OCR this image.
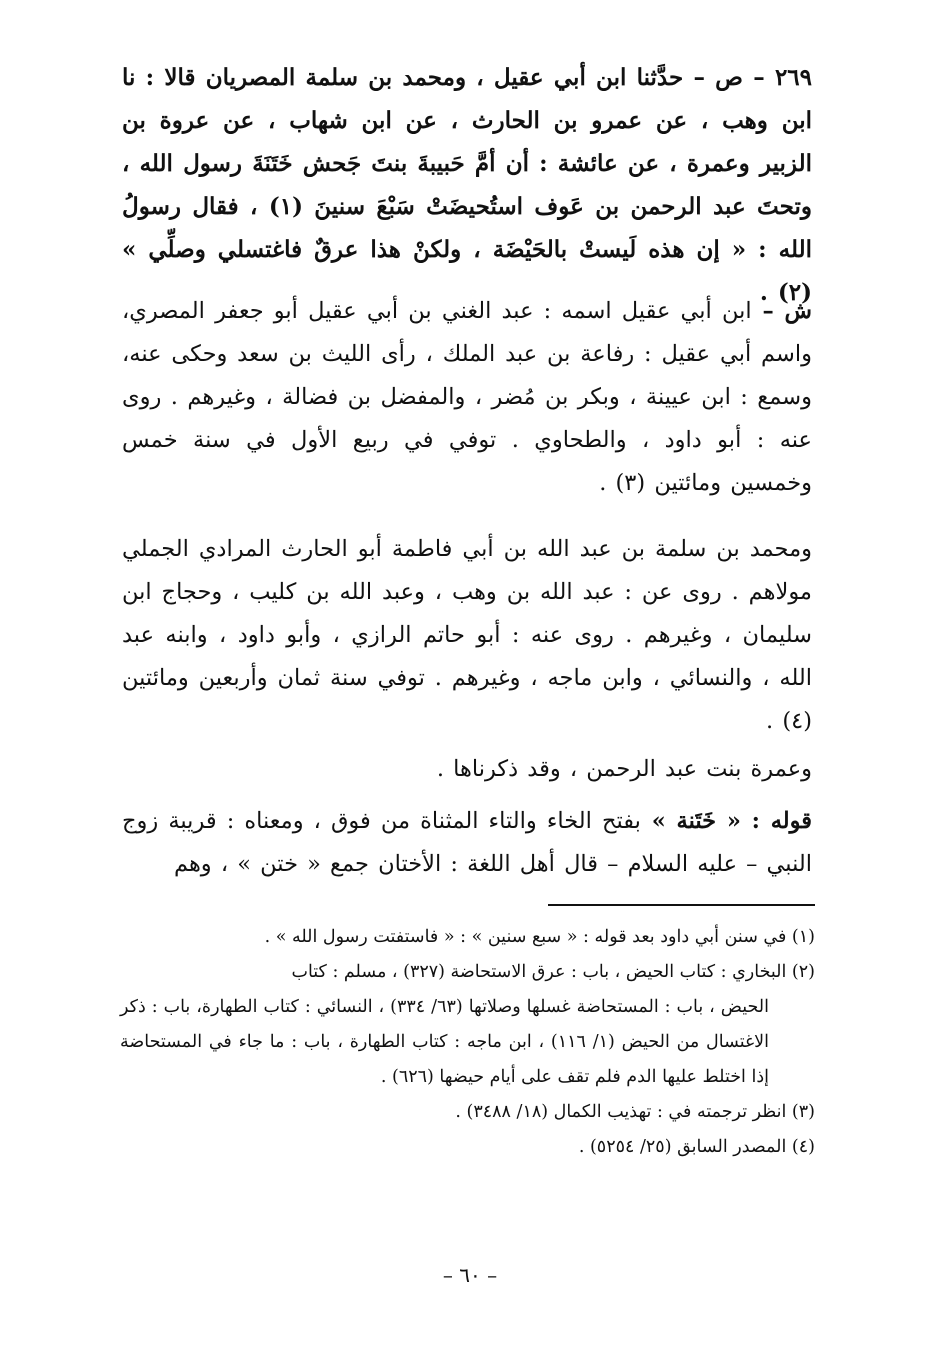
٢٦٩ – ص – حدَّثنا ابن أبي عقيل ، ومحمد بن سلمة المصريان قالا : نا ابن وهب ، عن عمرو بن الحارث ، عن ابن شهاب ، عن عروة بن الزبير وعمرة ، عن عائشة : أن أمَّ حَبيبةَ بنتَ جَحش خَتَنَةَ رسول الله ، وتحتَ عبد الرحمن بن عَوف استُحيضَتْ سَبْعَ سنينَ (١) ، فقال رسولُ الله : « إن هذه لَيستْ بالحَيْضَة ، ولكنْ هذا عرقٌ فاغتسلي وصلِّي » (٢) .

ش – ابن أبي عقيل اسمه : عبد الغني بن أبي عقيل أبو جعفر المصري، واسم أبي عقيل : رفاعة بن عبد الملك ، رأى الليث بن سعد وحكى عنه، وسمع : ابن عيينة ، وبكر بن مُضر ، والمفضل بن فضالة ، وغيرهم . روى عنه : أبو داود ، والطحاوي . توفي في ربيع الأول في سنة خمس وخمسين ومائتين (٣) .

ومحمد بن سلمة بن عبد الله بن أبي فاطمة أبو الحارث المرادي الجملي مولاهم . روى عن : عبد الله بن وهب ، وعبد الله بن كليب ، وحجاج ابن سليمان ، وغيرهم . روى عنه : أبو حاتم الرازي ، وأبو داود ، وابنه عبد الله ، والنسائي ، وابن ماجه ، وغيرهم . توفي سنة ثمان وأربعين ومائتين (٤) .

وعمرة بنت عبد الرحمن ، وقد ذكرناها .

قوله : « خَتَنة » بفتح الخاء والتاء المثناة من فوق ، ومعناه : قريبة زوج النبي – عليه السلام – قال أهل اللغة : الأختان جمع « ختن » ، وهم

(١) في سنن أبي داود بعد قوله : « سبع سنين » : « فاستفتت رسول الله » .

(٢) البخاري : كتاب الحيض ، باب : عرق الاستحاضة (٣٢٧) ، مسلم : كتاب

الحيض ، باب : المستحاضة غسلها وصلاتها (٦٣/ ٣٣٤) ، النسائي : كتاب الطهارة، باب : ذكر الاغتسال من الحيض (١/ ١١٦) ، ابن ماجه : كتاب الطهارة ، باب : ما جاء في المستحاضة إذا اختلط عليها الدم فلم تقف على أيام حيضها (٦٢٦) .

(٣) انظر ترجمته في : تهذيب الكمال (١٨/ ٣٤٨٨) .

(٤) المصدر السابق (٢٥/ ٥٢٥٤) .

– ٦٠ –
